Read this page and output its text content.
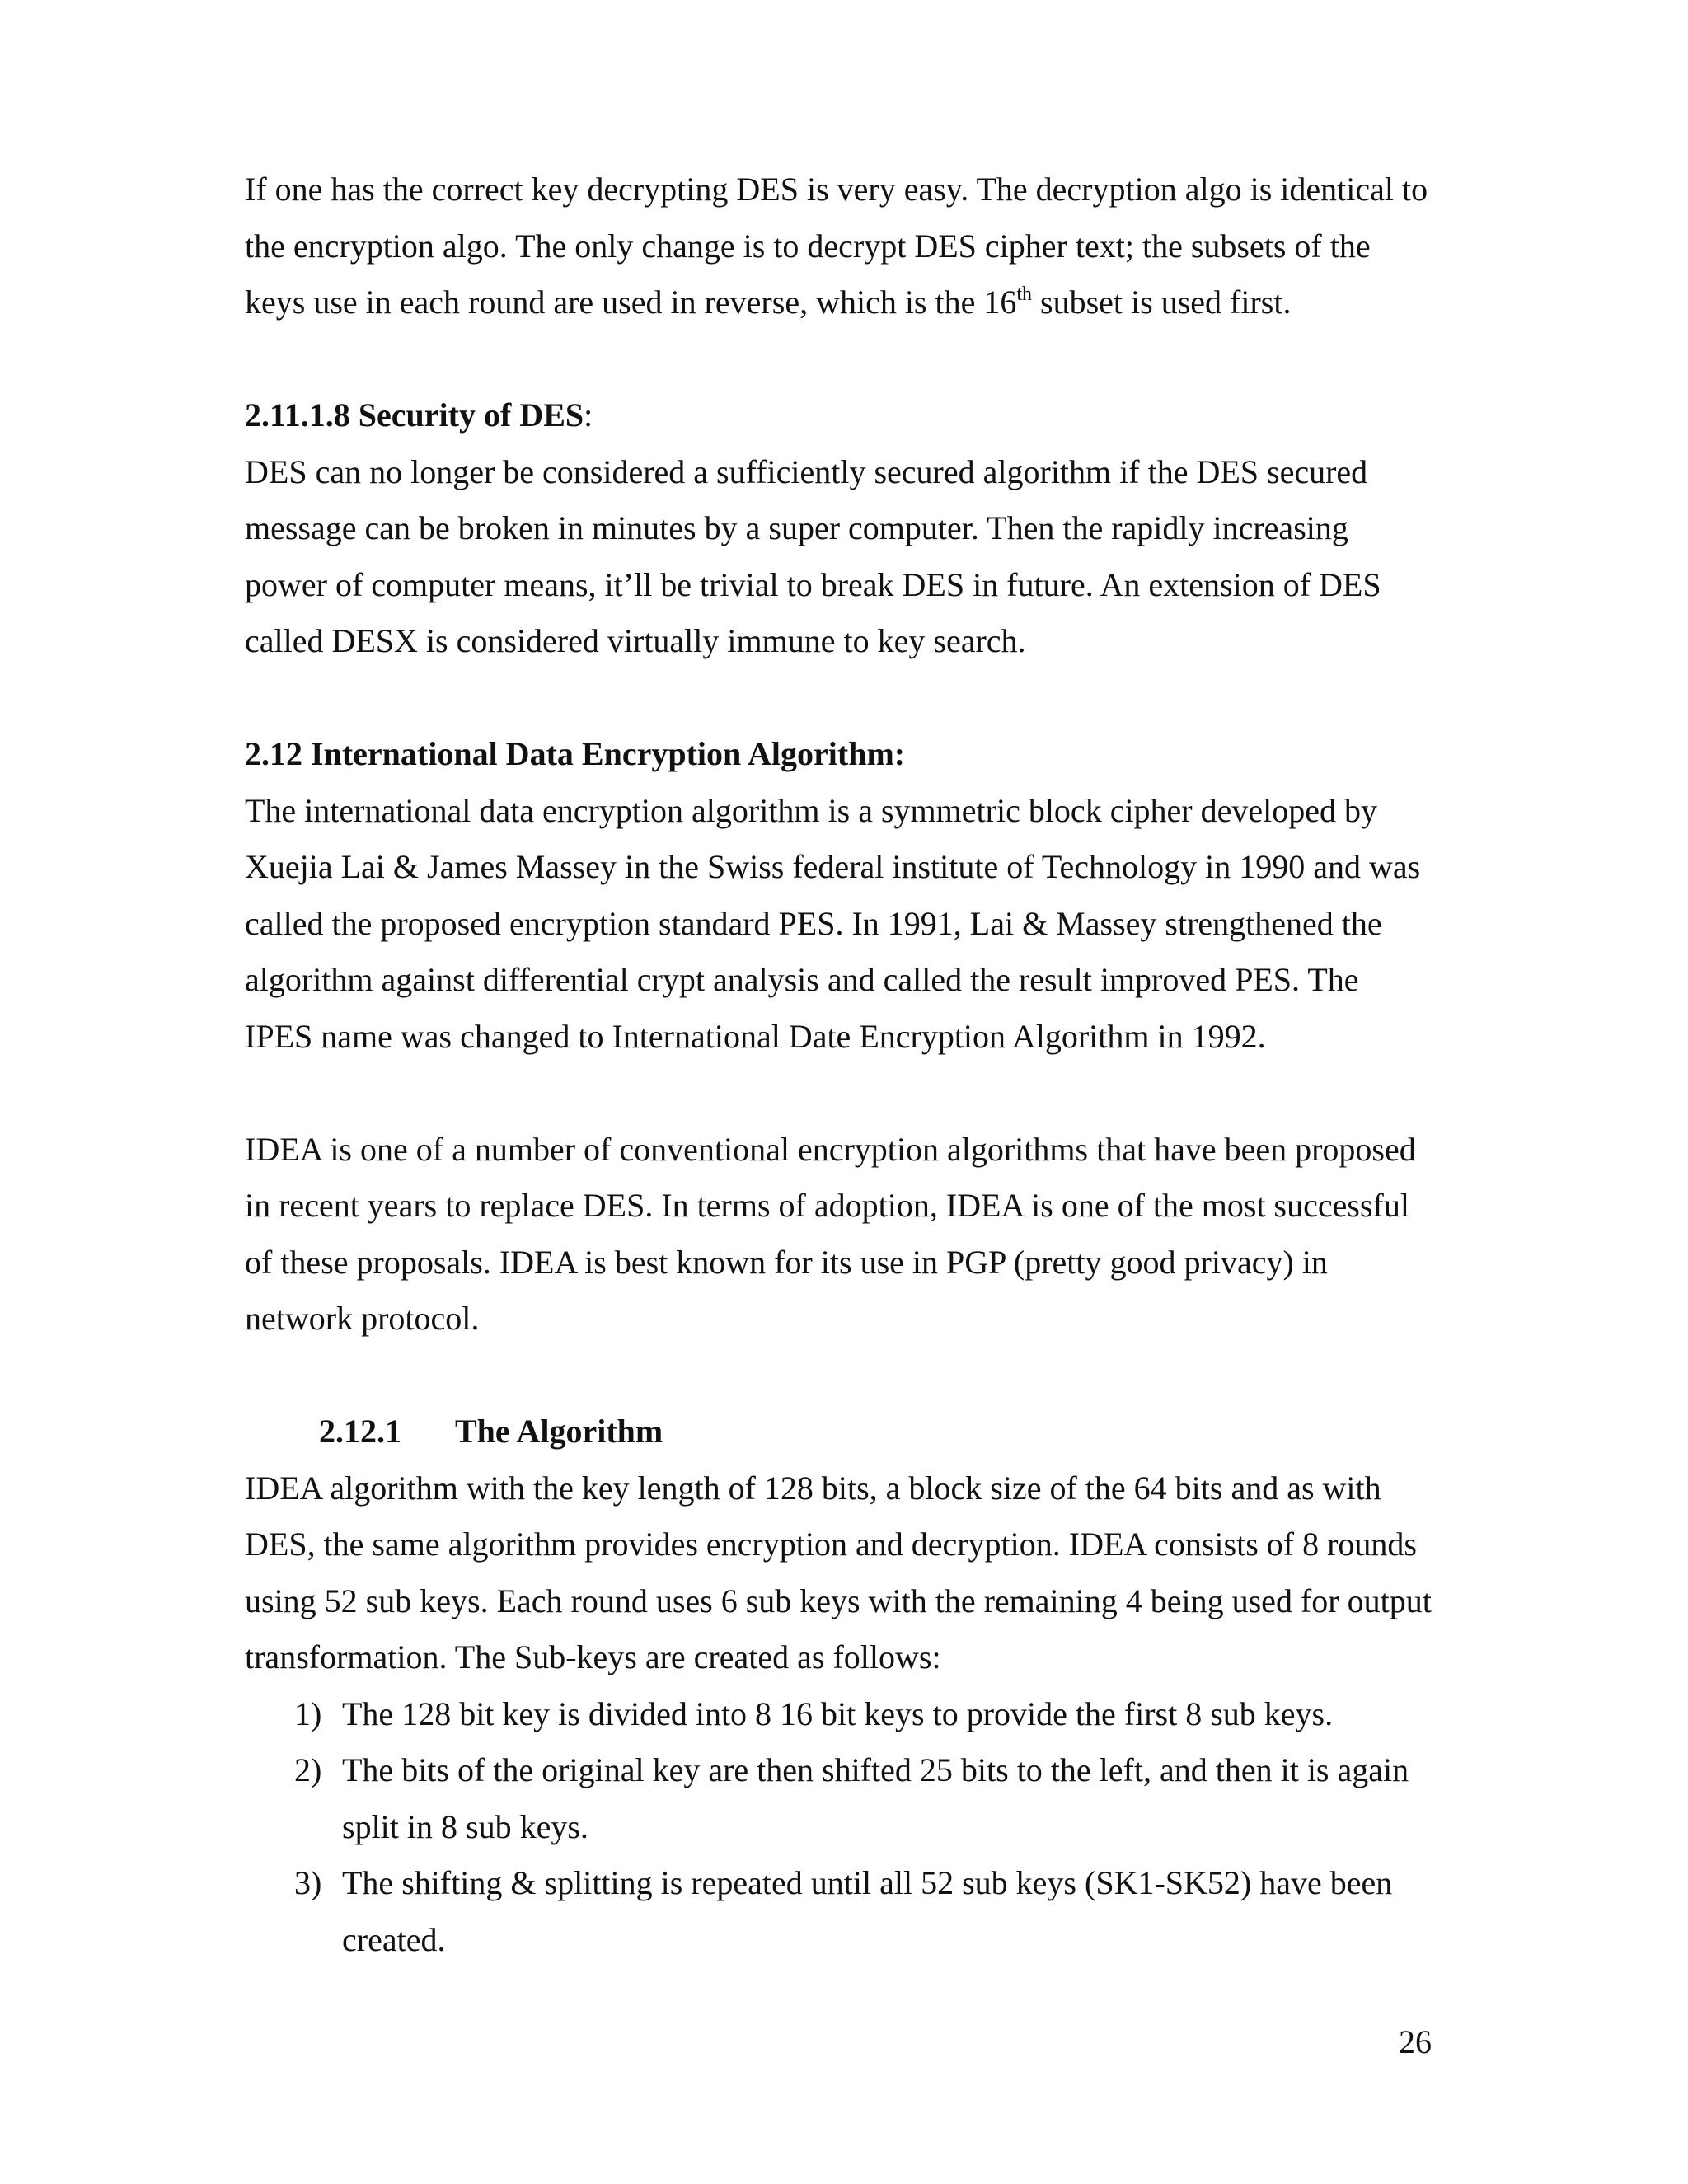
If one has the correct key decrypting DES is very easy. The decryption algo is identical to the encryption algo. The only change is to decrypt DES cipher text; the subsets of the keys use in each round are used in reverse, which is the 16th subset is used first.

2.11.1.8 Security of DES:

DES can no longer be considered a sufficiently secured algorithm if the DES secured message can be broken in minutes by a super computer. Then the rapidly increasing power of computer means, it’ll be trivial to break DES in future. An extension of DES called DESX is considered virtually immune to key search.

2.12 International Data Encryption Algorithm:

The international data encryption algorithm is a symmetric block cipher developed by Xuejia Lai & James Massey in the Swiss federal institute of Technology in 1990 and was called the proposed encryption standard PES. In 1991, Lai & Massey strengthened the algorithm against differential crypt analysis and called the result improved PES. The IPES name was changed to International Date Encryption Algorithm in 1992.

IDEA is one of a number of conventional encryption algorithms that have been proposed in recent years to replace DES. In terms of adoption, IDEA is one of the most successful of these proposals. IDEA is best known for its use in PGP (pretty good privacy) in network protocol.

2.12.1 The Algorithm

IDEA algorithm with the key length of 128 bits, a block size of the 64 bits and as with DES, the same algorithm provides encryption and decryption. IDEA consists of 8 rounds using 52 sub keys. Each round uses 6 sub keys with the remaining 4 being used for output transformation. The Sub-keys are created as follows:

1) The 128 bit key is divided into 8 16 bit keys to provide the first 8 sub keys.
2) The bits of the original key are then shifted 25 bits to the left, and then it is again split in 8 sub keys.
3) The shifting & splitting is repeated until all 52 sub keys (SK1-SK52) have been created.
26
